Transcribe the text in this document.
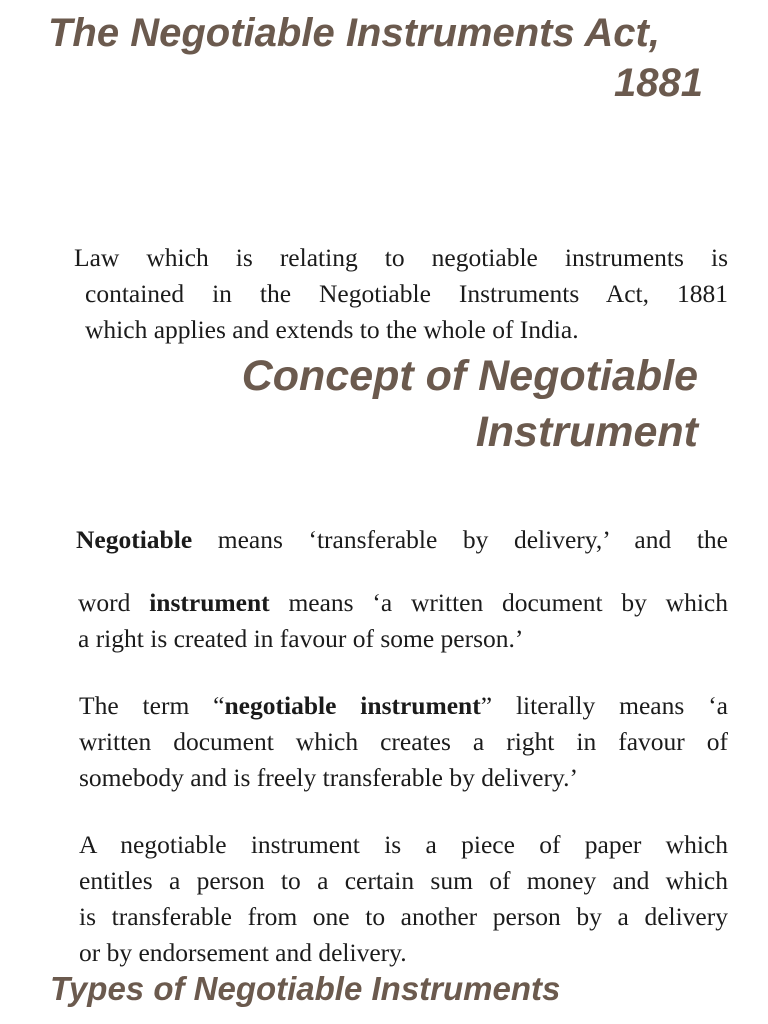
The Negotiable Instruments Act,
1881
Law which is relating to negotiable instruments is
contained in the Negotiable Instruments Act, 1881
which applies and extends to the whole of India.
Concept of Negotiable
Instrument
Negotiable means ‘transferable by delivery,’ and the
word instrument means ‘a written document by which
a right is created in favour of some person.’
The term “negotiable instrument” literally means ‘a
written document which creates a right in favour of
somebody and is freely transferable by delivery.’
A negotiable instrument is a piece of paper which
entitles a person to a certain sum of money and which
is transferable from one to another person by a delivery
or by endorsement and delivery.
Types of Negotiable Instruments
